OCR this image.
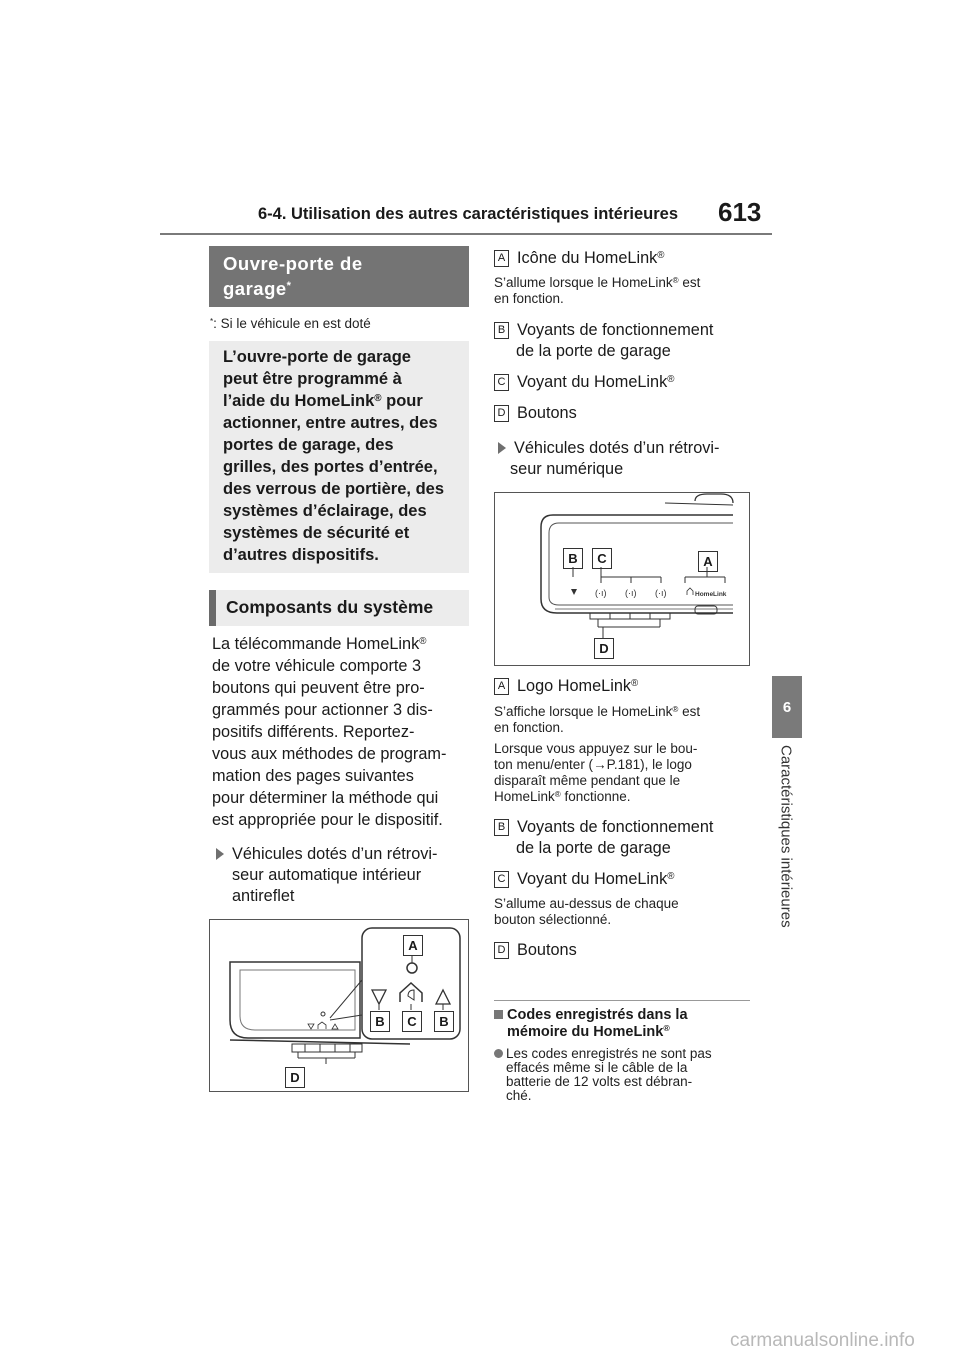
6-4. Utilisation des autres caractéristiques intérieures 613
6
Caractéristiques intérieures
Ouvre-porte de
garage*
*: Si le véhicule en est doté
L’ouvre-porte de garage
peut être programmé à
l’aide du HomeLink® pour
actionner, entre autres, des
portes de garage, des
grilles, des portes d’entrée,
des verrous de portière, des
systèmes d’éclairage, des
systèmes de sécurité et
d’autres dispositifs.
Composants du système
La télécommande HomeLink®
de votre véhicule comporte 3
boutons qui peuvent être pro-
grammés pour actionner 3 dis-
positifs différents. Reportez-
vous aux méthodes de program-
mation des pages suivantes
pour déterminer la méthode qui
est appropriée pour le dispositif.
Véhicules dotés d’un rétrovi-
seur automatique intérieur
antireflet
A
B	C	B
D
A Icône du HomeLink®
S’allume lorsque le HomeLink® est
en fonction.
B Voyants de fonctionnement
de la porte de garage
C Voyant du HomeLink®
D Boutons
Véhicules dotés d’un rétrovi-
seur numérique
(·ı) (·ı) (·ı)	HomeLink
B	C	A
D
A Logo HomeLink®
S’affiche lorsque le HomeLink® est
en fonction.
Lorsque vous appuyez sur le bou-
ton menu/enter (→P.181), le logo
disparaît même pendant que le
HomeLink® fonctionne.
B Voyants de fonctionnement
de la porte de garage
C Voyant du HomeLink®
S’allume au-dessus de chaque
bouton sélectionné.
D Boutons
Codes enregistrés dans la
mémoire du HomeLink®
Les codes enregistrés ne sont pas
effacés même si le câble de la
batterie de 12 volts est débran-
ché.
carmanualsonline.info
